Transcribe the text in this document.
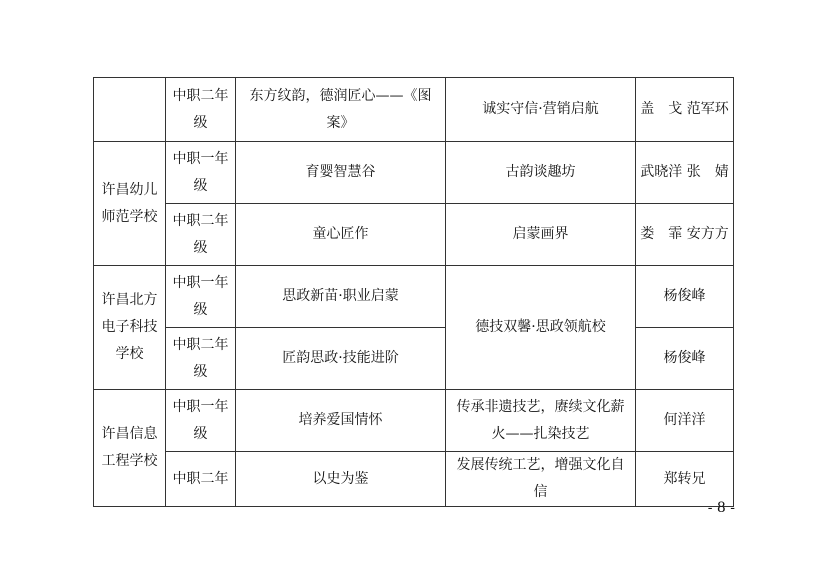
	中职二年级	东方纹韵，德润匠心——《图案》	诚实守信·营销启航	盖　戈 范军环
许昌幼儿师范学校	中职一年级	育婴智慧谷	古韵谈趣坊	武晓洋 张　婧
	中职二年级	童心匠作	启蒙画界	娄　霏 安方方
许昌北方电子科技学校	中职一年级	思政新苗·职业启蒙	德技双馨·思政领航校	杨俊峰
	中职二年级	匠韵思政·技能进阶		杨俊峰
许昌信息工程学校	中职一年级	培养爱国情怀	传承非遗技艺，赓续文化薪火——扎染技艺	何洋洋
	中职二年	以史为鉴	发展传统工艺，增强文化自信	郑转兄
- 8 -
